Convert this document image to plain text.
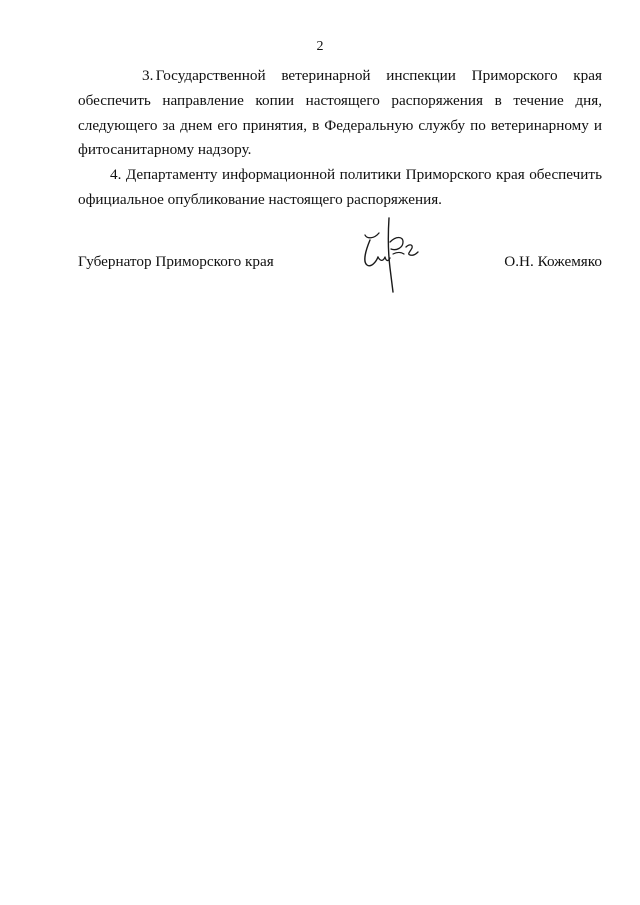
2

3. Государственной ветеринарной инспекции Приморского края обеспечить направление копии настоящего распоряжения в течение дня, следующего за днем его принятия, в Федеральную службу по ветеринарному и фитосанитарному надзору.

4. Департаменту информационной политики Приморского края обеспечить официальное опубликование настоящего распоряжения.

Губернатор Приморского края	О.Н. Кожемяко
